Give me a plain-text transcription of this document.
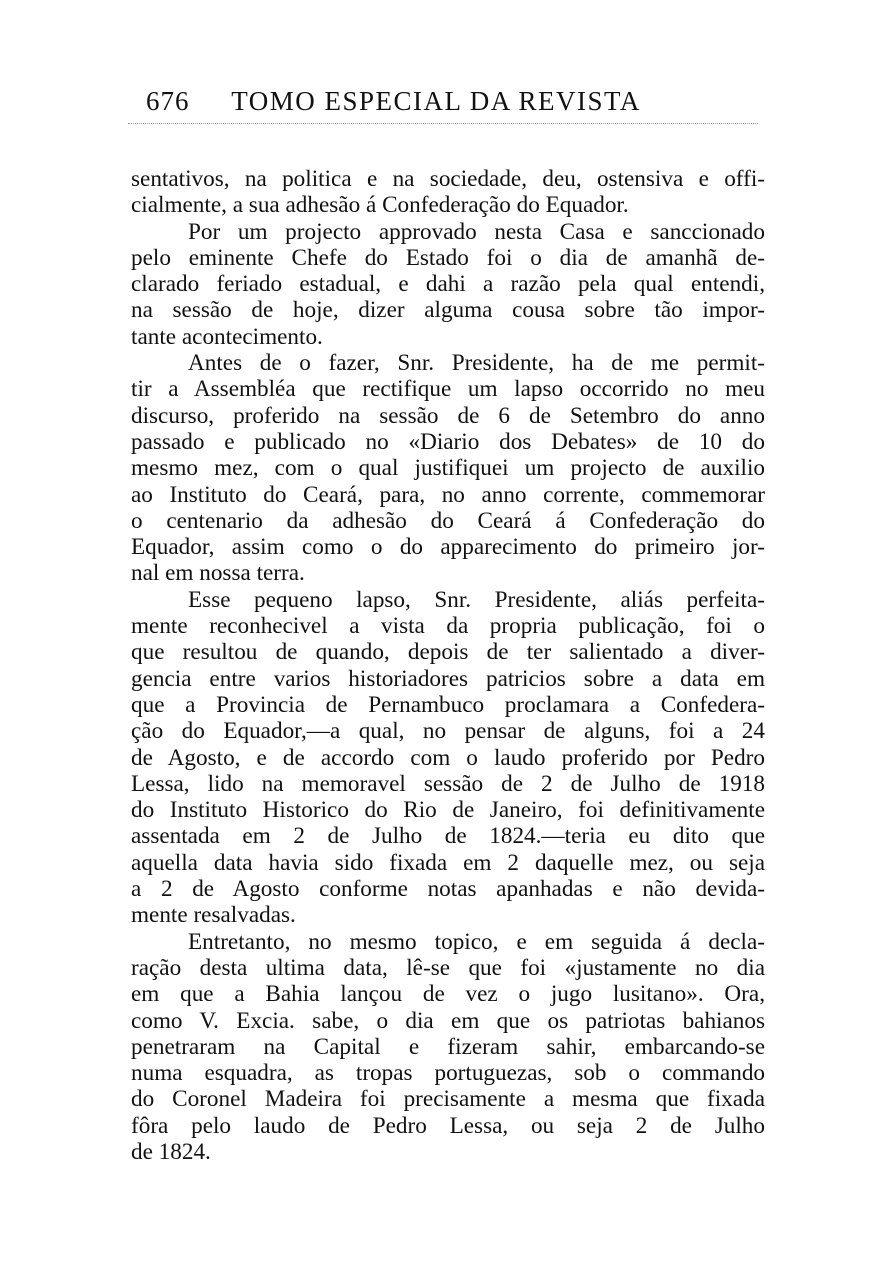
676 TOMO ESPECIAL DA REVISTA
sentativos, na politica e na sociedade, deu, ostensiva e offi-
cialmente, a sua adhesão á Confederação do Equador.
Por um projecto approvado nesta Casa e sanccionado
pelo eminente Chefe do Estado foi o dia de amanhã de-
clarado feriado estadual, e dahi a razão pela qual entendi,
na sessão de hoje, dizer alguma cousa sobre tão impor-
tante acontecimento.
Antes de o fazer, Snr. Presidente, ha de me permit-
tir a Assembléa que rectifique um lapso occorrido no meu
discurso, proferido na sessão de 6 de Setembro do anno
passado e publicado no «Diario dos Debates» de 10 do
mesmo mez, com o qual justifiquei um projecto de auxilio
ao Instituto do Ceará, para, no anno corrente, commemorar
o centenario da adhesão do Ceará á Confederação do
Equador, assim como o do apparecimento do primeiro jor-
nal em nossa terra.
Esse pequeno lapso, Snr. Presidente, aliás perfeita-
mente reconhecivel a vista da propria publicação, foi o
que resultou de quando, depois de ter salientado a diver-
gencia entre varios historiadores patricios sobre a data em
que a Provincia de Pernambuco proclamara a Confedera-
ção do Equador,—a qual, no pensar de alguns, foi a 24
de Agosto, e de accordo com o laudo proferido por Pedro
Lessa, lido na memoravel sessão de 2 de Julho de 1918
do Instituto Historico do Rio de Janeiro, foi definitivamente
assentada em 2 de Julho de 1824.—teria eu dito que
aquella data havia sido fixada em 2 daquelle mez, ou seja
a 2 de Agosto conforme notas apanhadas e não devida-
mente resalvadas.
Entretanto, no mesmo topico, e em seguida á decla-
ração desta ultima data, lê-se que foi «justamente no dia
em que a Bahia lançou de vez o jugo lusitano». Ora,
como V. Excia. sabe, o dia em que os patriotas bahianos
penetraram na Capital e fizeram sahir, embarcando-se
numa esquadra, as tropas portuguezas, sob o commando
do Coronel Madeira foi precisamente a mesma que fixada
fôra pelo laudo de Pedro Lessa, ou seja 2 de Julho
de 1824.
